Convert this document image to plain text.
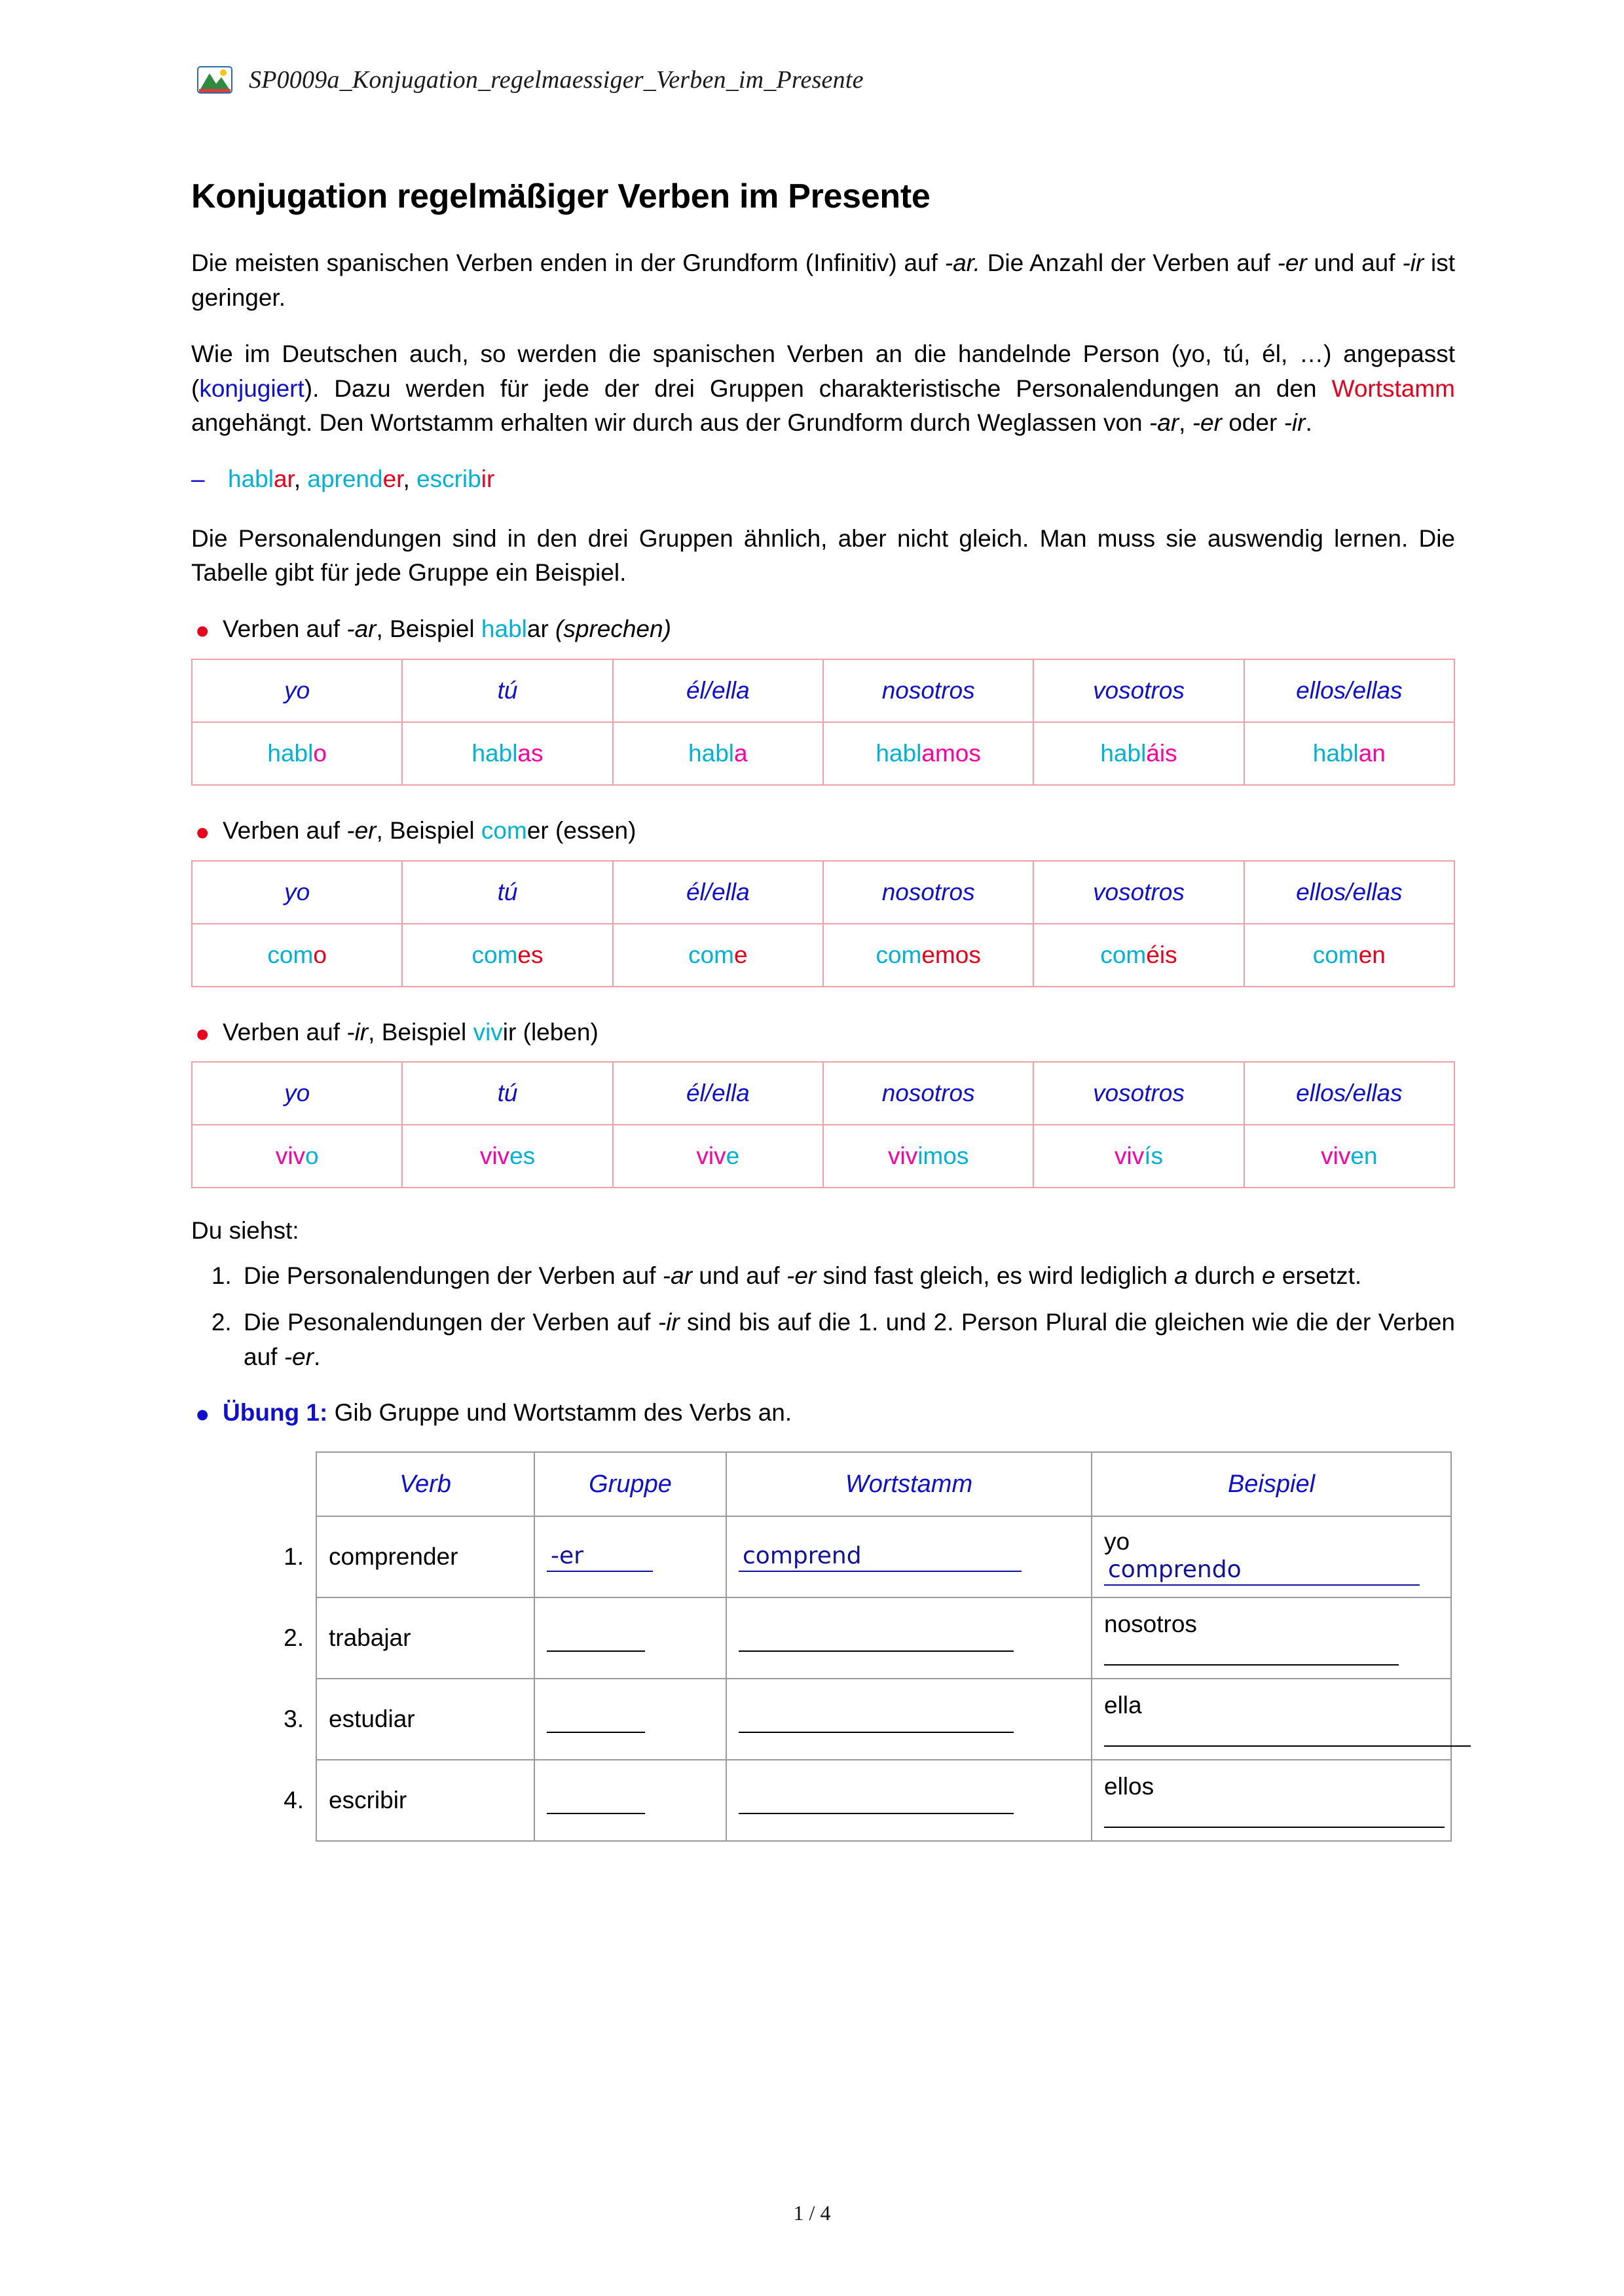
SP0009a_Konjugation_regelmaessiger_Verben_im_Presente
Konjugation regelmäßiger Verben im Presente

Die meisten spanischen Verben enden in der Grundform (Infinitiv) auf -ar. Die Anzahl der Verben auf -er und auf -ir ist geringer.

Wie im Deutschen auch, so werden die spanischen Verben an die handelnde Person (yo, tú, él, …) angepasst (konjugiert). Dazu werden für jede der drei Gruppen charakteristische Personalendungen an den Wortstamm angehängt. Den Wortstamm erhalten wir durch aus der Grundform durch Weglassen von -ar, -er oder -ir.

– hablar, aprender, escribir

Die Personalendungen sind in den drei Gruppen ähnlich, aber nicht gleich. Man muss sie auswendig lernen. Die Tabelle gibt für jede Gruppe ein Beispiel.

● Verben auf -ar, Beispiel hablar (sprechen)

yo	tú	él/ella	nosotros	vosotros	ellos/ellas
hablo	hablas	habla	hablamos	habláis	hablan

● Verben auf -er, Beispiel comer (essen)

yo	tú	él/ella	nosotros	vosotros	ellos/ellas
como	comes	come	comemos	coméis	comen

● Verben auf -ir, Beispiel vivir (leben)

yo	tú	él/ella	nosotros	vosotros	ellos/ellas
vivo	vives	vive	vivimos	vivís	viven

Du siehst:

1. Die Personalendungen der Verben auf -ar und auf -er sind fast gleich, es wird lediglich a durch e ersetzt.
2. Die Pesonalendungen der Verben auf -ir sind bis auf die 1. und 2. Person Plural die gleichen wie die der Verben auf -er.

● Übung 1: Gib Gruppe und Wortstamm des Verbs an.

	Verb	Gruppe	Wortstamm	Beispiel
1.	comprender	-er	comprend	yo comprendo
2.	trabajar			nosotros
3.	estudiar			ella
4.	escribir			ellos
1 / 4
